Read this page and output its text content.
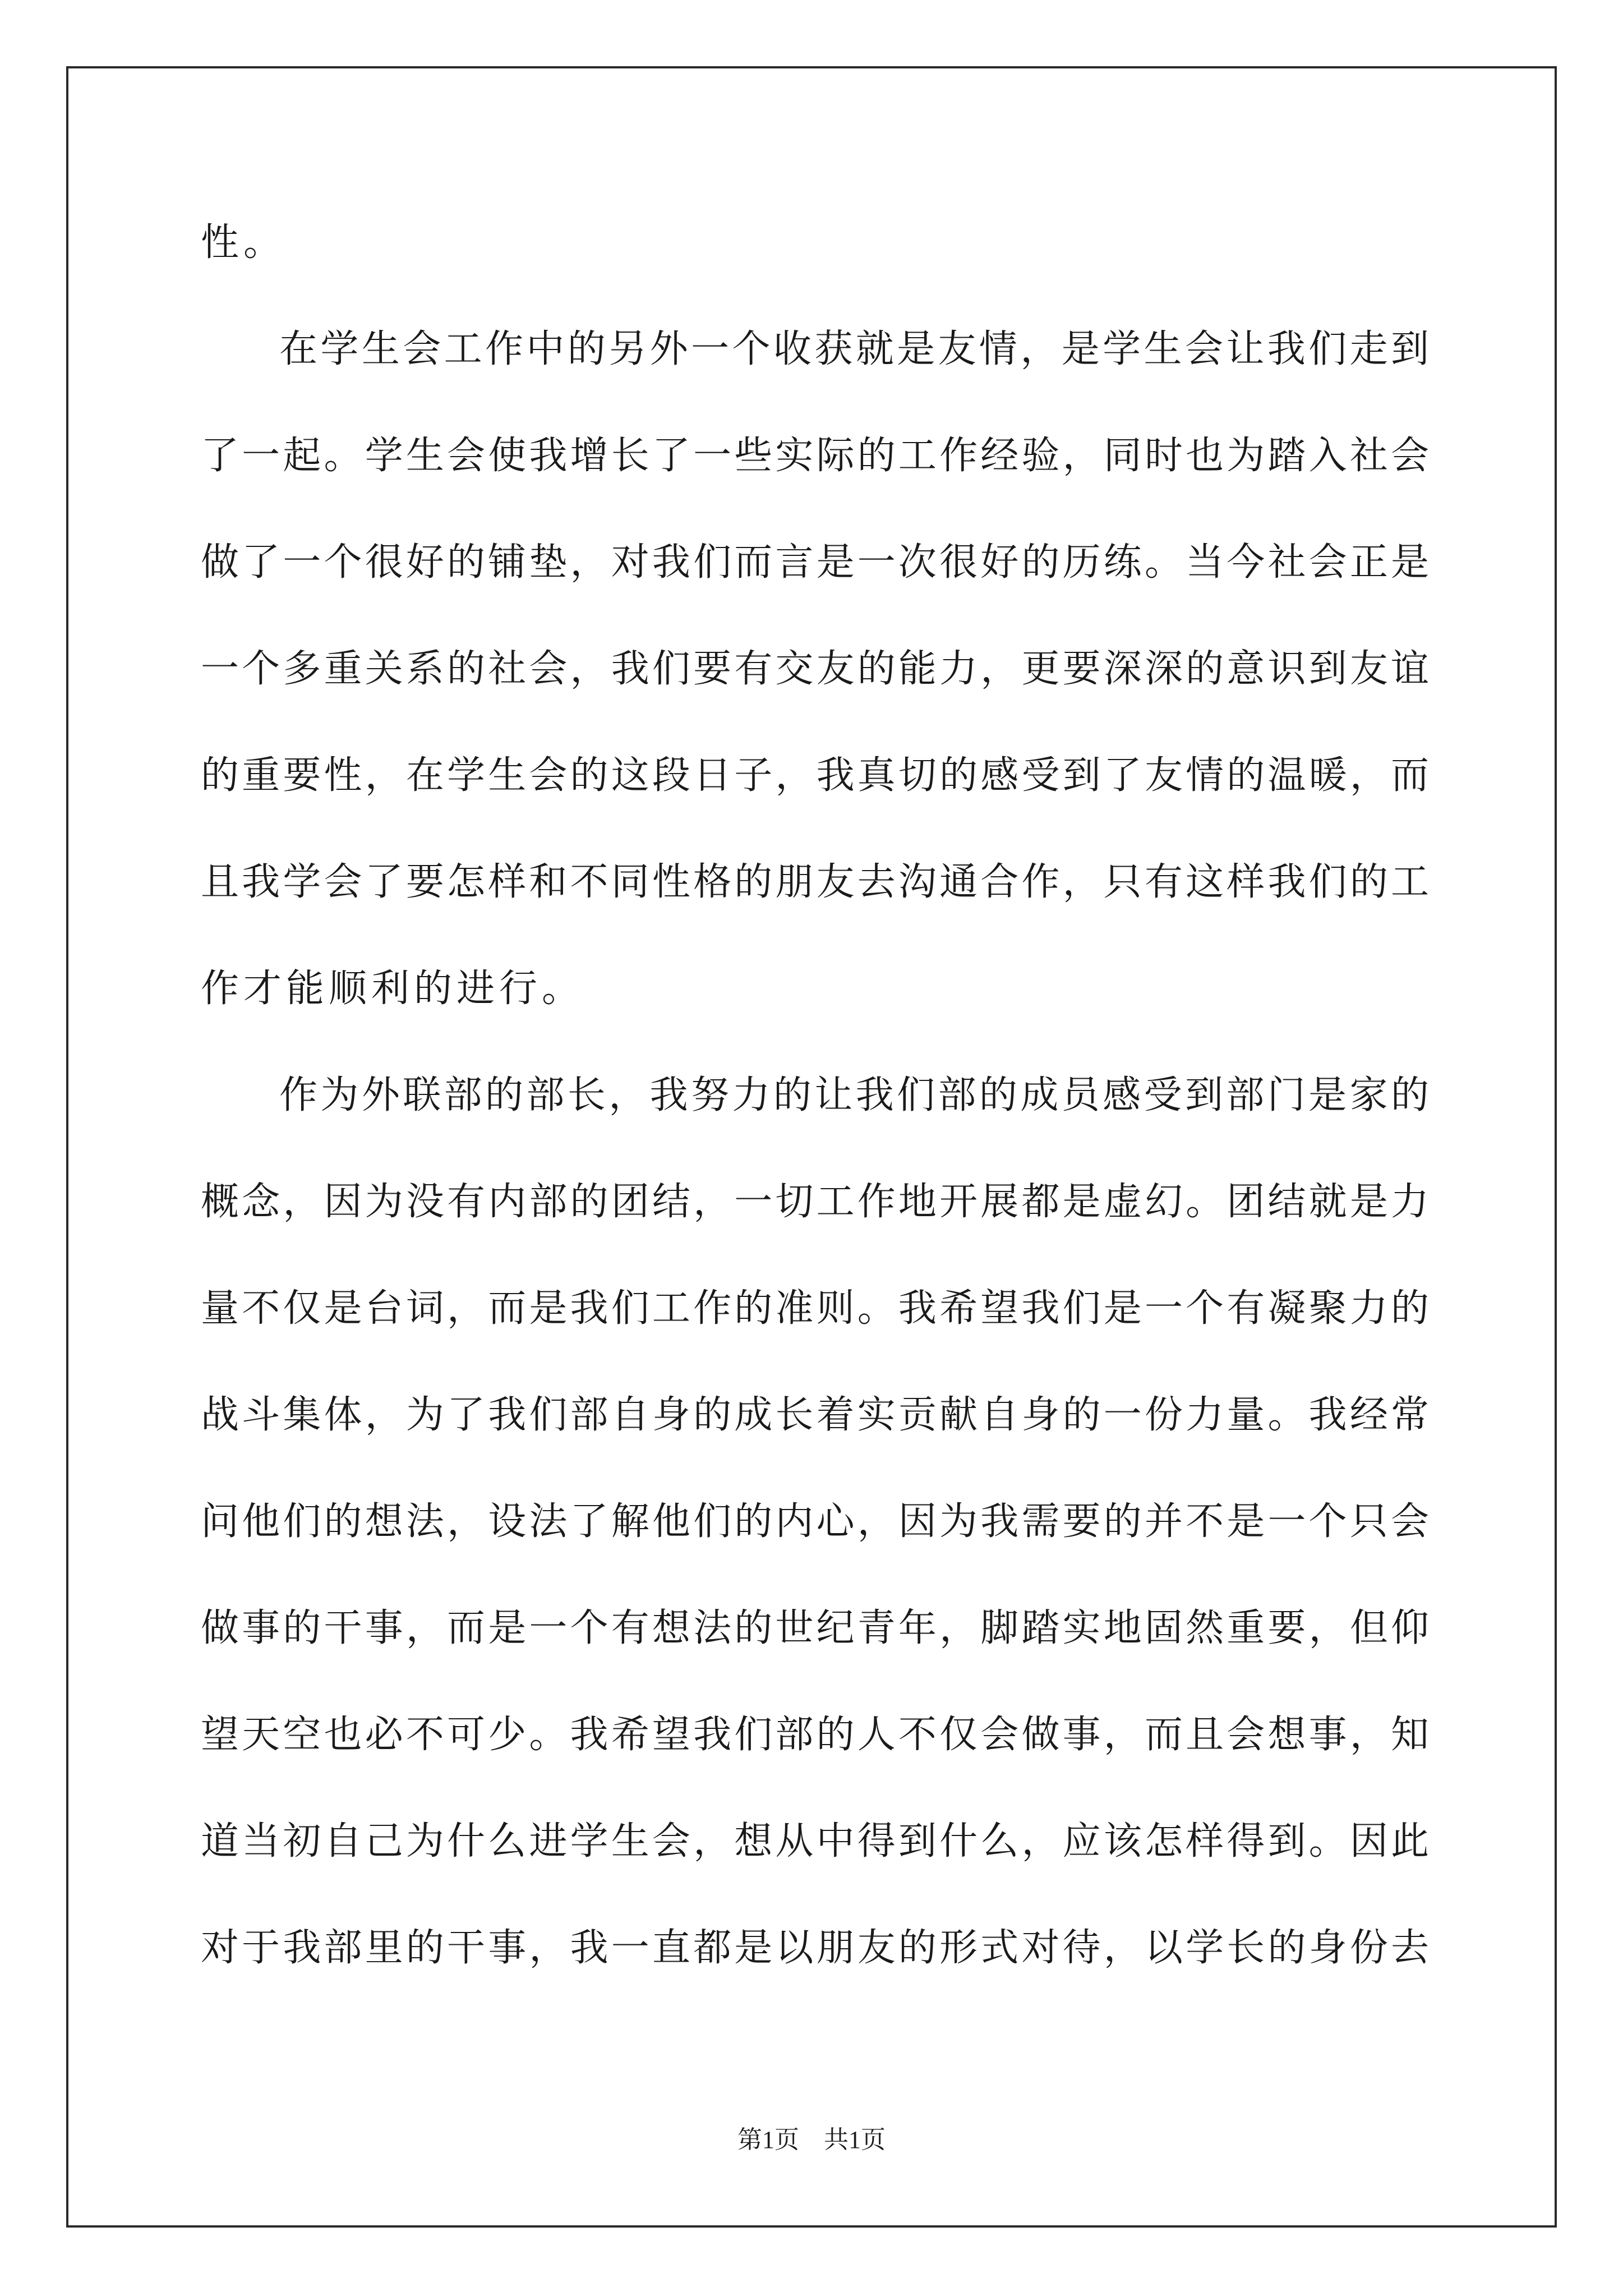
性。
在 学 生 会 工 作 中 的 另 外 一 个 收 获 就 是 友 情 ， 是 学 生 会 让 我 们 走 到
了 一 起 。 学 生 会 使 我 增 长 了 一 些 实 际 的 工 作 经 验 ， 同 时 也 为 踏 入 社 会
做 了 一 个 很 好 的 铺 垫 ， 对 我 们 而 言 是 一 次 很 好 的 历 练 。 当 今 社 会 正 是
一 个 多 重 关 系 的 社 会 ， 我 们 要 有 交 友 的 能 力 ， 更 要 深 深 的 意 识 到 友 谊
的 重 要 性 ， 在 学 生 会 的 这 段 日 子 ， 我 真 切 的 感 受 到 了 友 情 的 温 暖 ， 而
且 我 学 会 了 要 怎 样 和 不 同 性 格 的 朋 友 去 沟 通 合 作 ， 只 有 这 样 我 们 的 工
作才能顺利的进行。
作 为 外 联 部 的 部 长 ， 我 努 力 的 让 我 们 部 的 成 员 感 受 到 部 门 是 家 的
概 念 ， 因 为 没 有 内 部 的 团 结 ， 一 切 工 作 地 开 展 都 是 虚 幻 。 团 结 就 是 力
量 不 仅 是 台 词 ， 而 是 我 们 工 作 的 准 则 。 我 希 望 我 们 是 一 个 有 凝 聚 力 的
战 斗 集 体 ， 为 了 我 们 部 自 身 的 成 长 着 实 贡 献 自 身 的 一 份 力 量 。 我 经 常
问 他 们 的 想 法 ， 设 法 了 解 他 们 的 内 心 ， 因 为 我 需 要 的 并 不 是 一 个 只 会
做 事 的 干 事 ， 而 是 一 个 有 想 法 的 世 纪 青 年 ， 脚 踏 实 地 固 然 重 要 ， 但 仰
望 天 空 也 必 不 可 少 。 我 希 望 我 们 部 的 人 不 仅 会 做 事 ， 而 且 会 想 事 ， 知
道 当 初 自 己 为 什 么 进 学 生 会 ， 想 从 中 得 到 什 么 ， 应 该 怎 样 得 到 。 因 此
对 于 我 部 里 的 干 事 ， 我 一 直 都 是 以 朋 友 的 形 式 对 待 ， 以 学 长 的 身 份 去
第1页　共1页
